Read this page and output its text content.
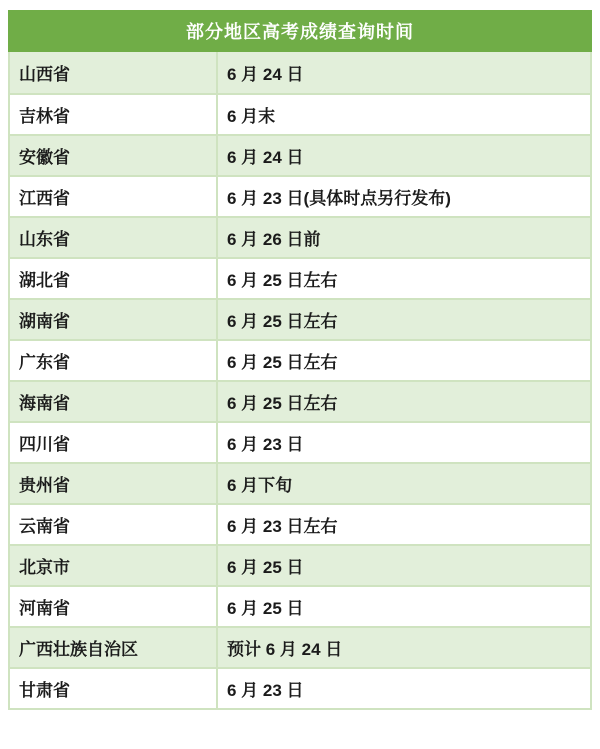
部分地区高考成绩查询时间
山西省	6 月 24 日
吉林省	6 月末
安徽省	6 月 24 日
江西省	6 月 23 日(具体时点另行发布)
山东省	6 月 26 日前
湖北省	6 月 25 日左右
湖南省	6 月 25 日左右
广东省	6 月 25 日左右
海南省	6 月 25 日左右
四川省	6 月 23 日
贵州省	6 月下旬
云南省	6 月 23 日左右
北京市	6 月 25 日
河南省	6 月 25 日
广西壮族自治区	预计 6 月 24 日
甘肃省	6 月 23 日
